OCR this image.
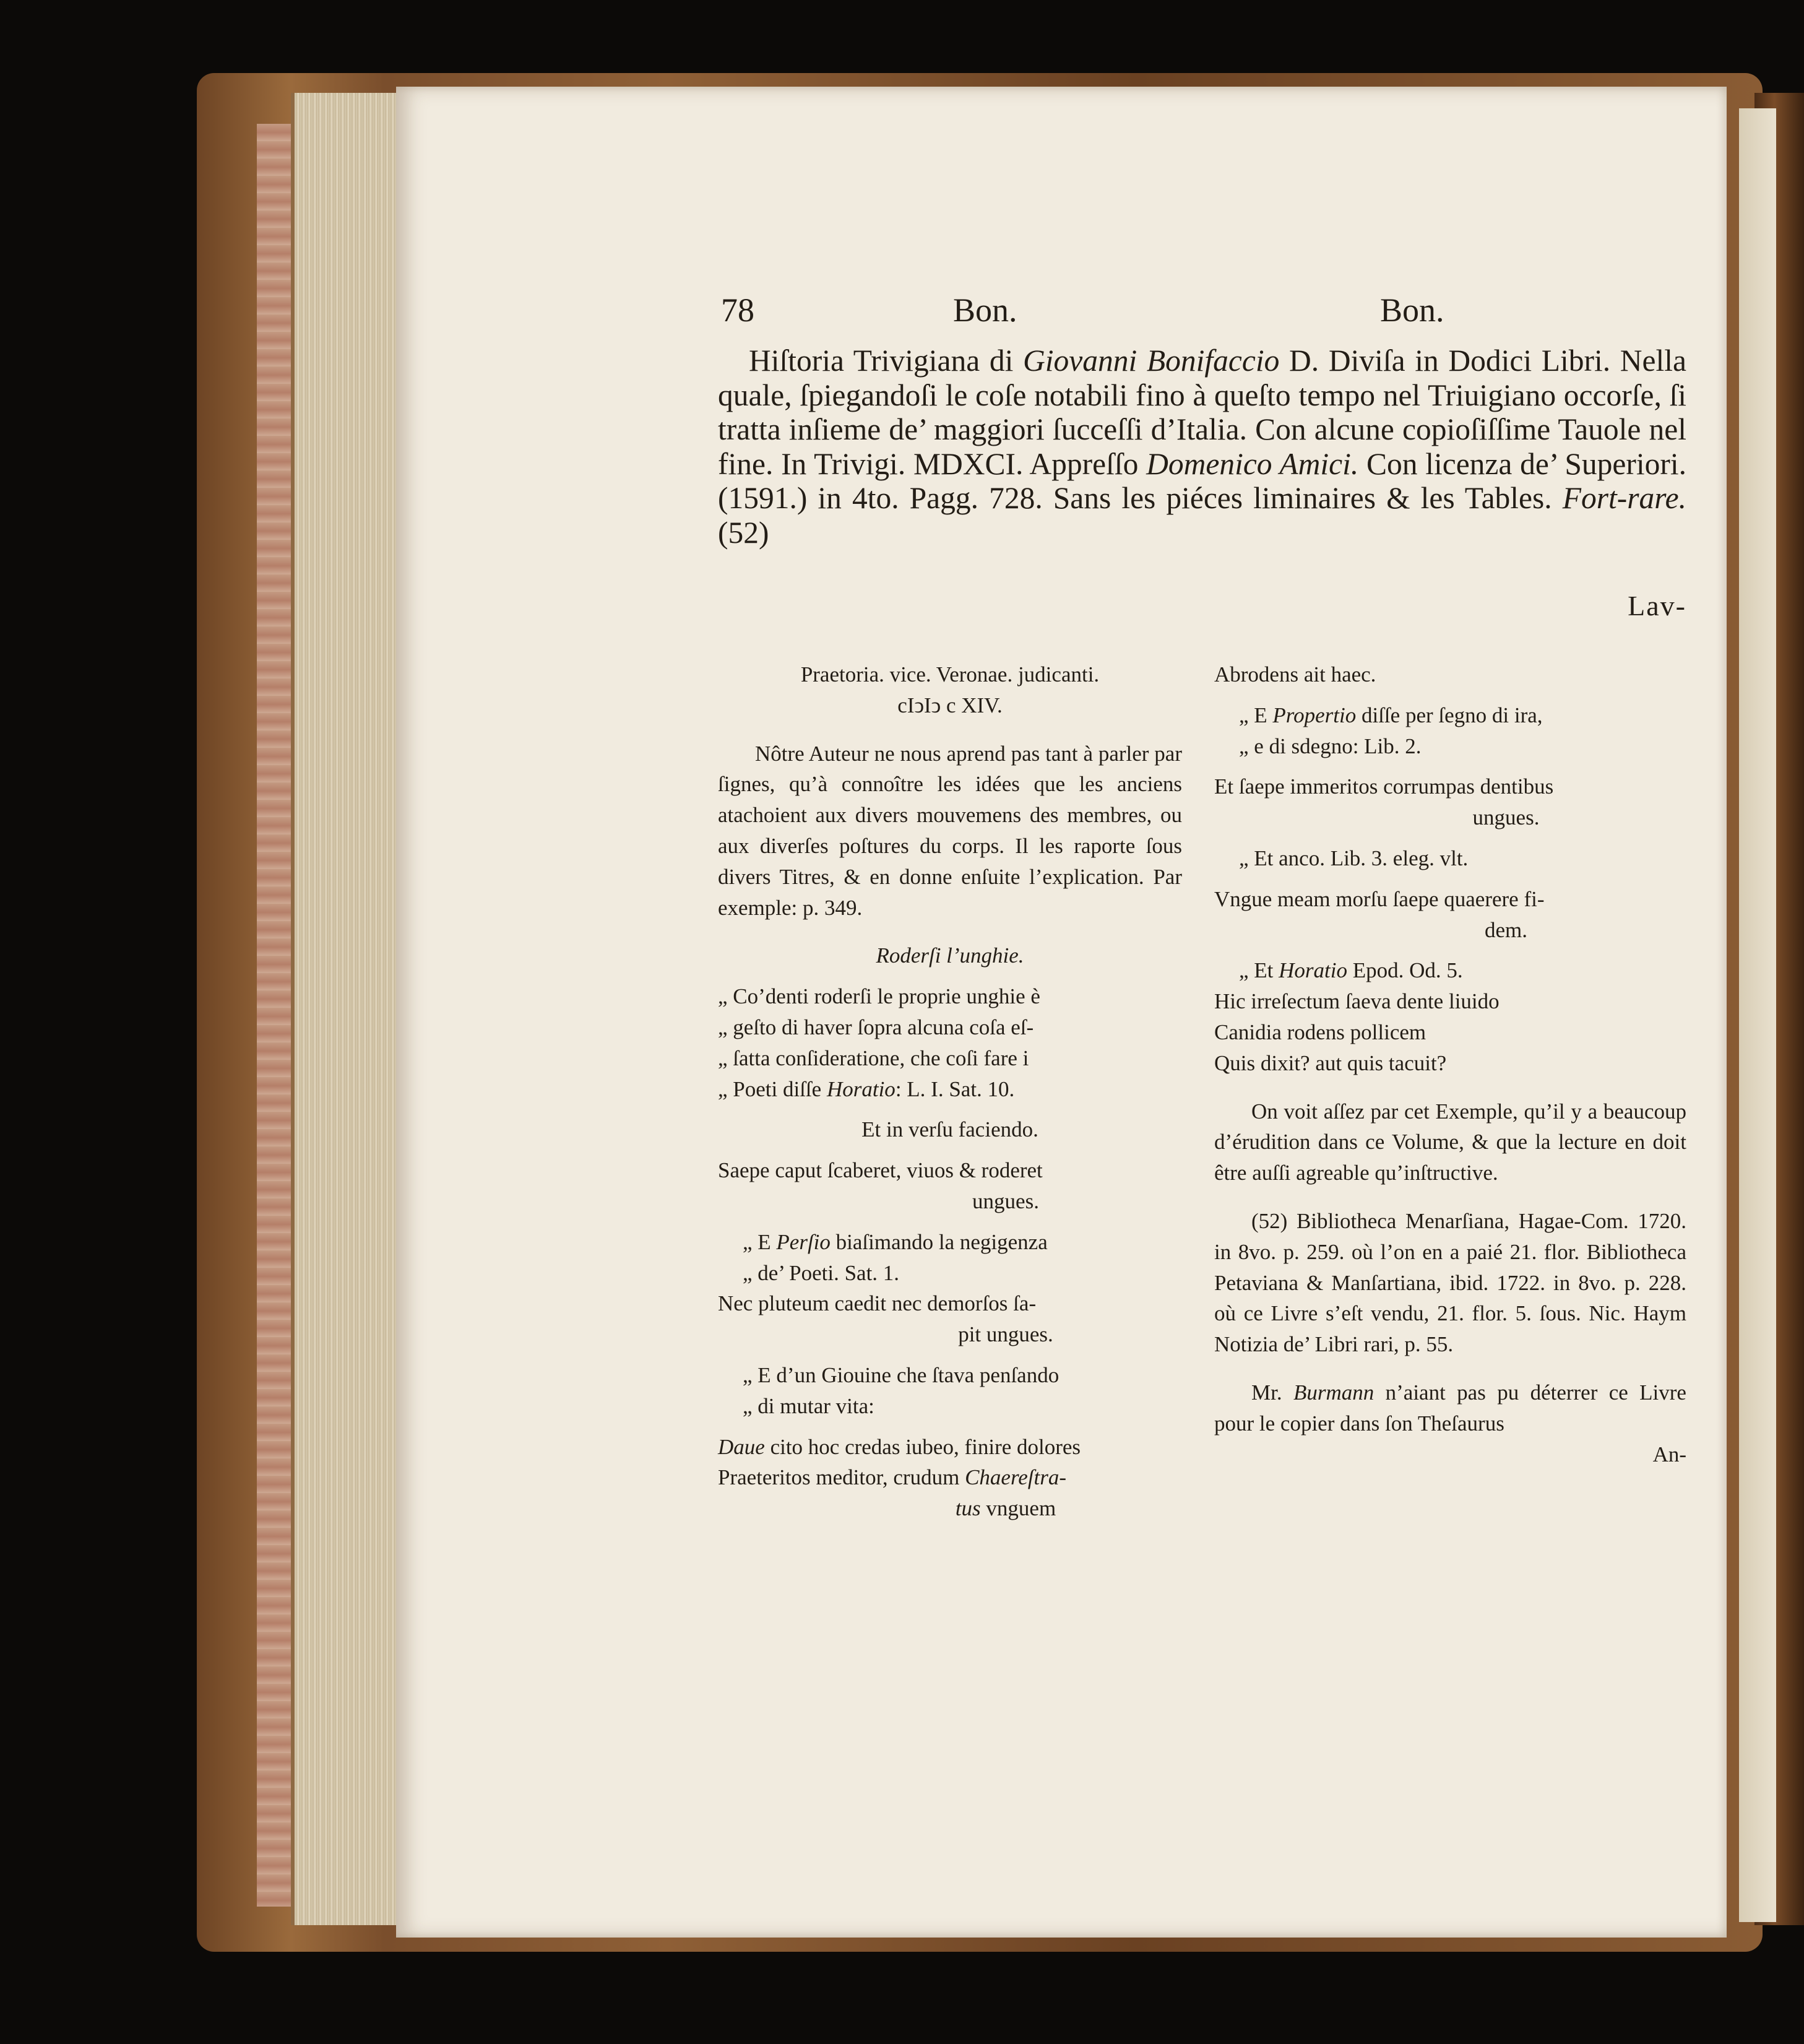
78	Bon.	Bon.

Hiſtoria Trivigiana di Giovanni Bonifaccio D. Diviſa in Dodici Libri. Nella quale, ſpiegandoſi le coſe notabili fino à queſto tempo nel Triuigiano occorſe, ſi tratta inſieme de’ maggiori ſucceſſi d’Italia. Con alcune copioſiſſime Tauole nel fine. In Trivigi. MDXCI. Appreſſo Domenico Amici. Con licenza de’ Superiori. (1591.) in 4to. Pagg. 728. Sans les piéces liminaires & les Tables. Fort-rare. (52)

Lav-

Praetoria. vice. Veronae. judicanti.

cIↄIↄ c XIV.

Nôtre Auteur ne nous aprend pas tant à parler par ſignes, qu’à connoître les idées que les anciens atachoient aux divers mouvemens des membres, ou aux diverſes poſtures du corps. Il les raporte ſous divers Titres, & en donne enſuite l’explication. Par exemple: p. 349.

Roderſi l’unghie.

„ Co’denti roderſi le proprie unghie è

„ geſto di haver ſopra alcuna coſa eſ-

„ ſatta conſideratione, che coſi fare i

„ Poeti diſſe Horatio: L. I. Sat. 10.

Et in verſu faciendo.

Saepe caput ſcaberet, viuos & roderet

ungues.

„ E Perſio biaſimando la negigenza

„ de’ Poeti. Sat. 1.

Nec pluteum caedit nec demorſos ſa-

pit ungues.

„ E d’un Giouine che ſtava penſando

„ di mutar vita:

Daue cito hoc credas iubeo, finire dolores

Praeteritos meditor, crudum Chaereſtra-

tus vnguem

Abrodens ait haec.

„ E Propertio diſſe per ſegno di ira,

„ e di sdegno: Lib. 2.

Et ſaepe immeritos corrumpas dentibus

ungues.

„ Et anco. Lib. 3. eleg. vlt.

Vngue meam morſu ſaepe quaerere fi-

dem.

„ Et Horatio Epod. Od. 5.

Hic irreſectum ſaeva dente liuido

Canidia rodens pollicem

Quis dixit? aut quis tacuit?

On voit aſſez par cet Exemple, qu’il y a beaucoup d’érudition dans ce Volume, & que la lecture en doit être auſſi agreable qu’inſtructive.

(52) Bibliotheca Menarſiana, Hagae-Com. 1720. in 8vo. p. 259. où l’on en a paié 21. flor. Bibliotheca Petaviana & Manſartiana, ibid. 1722. in 8vo. p. 228. où ce Livre s’eſt vendu, 21. flor. 5. ſous. Nic. Haym Notizia de’ Libri rari, p. 55.

Mr. Burmann n’aiant pas pu déterrer ce Livre pour le copier dans ſon Theſaurus

An-
